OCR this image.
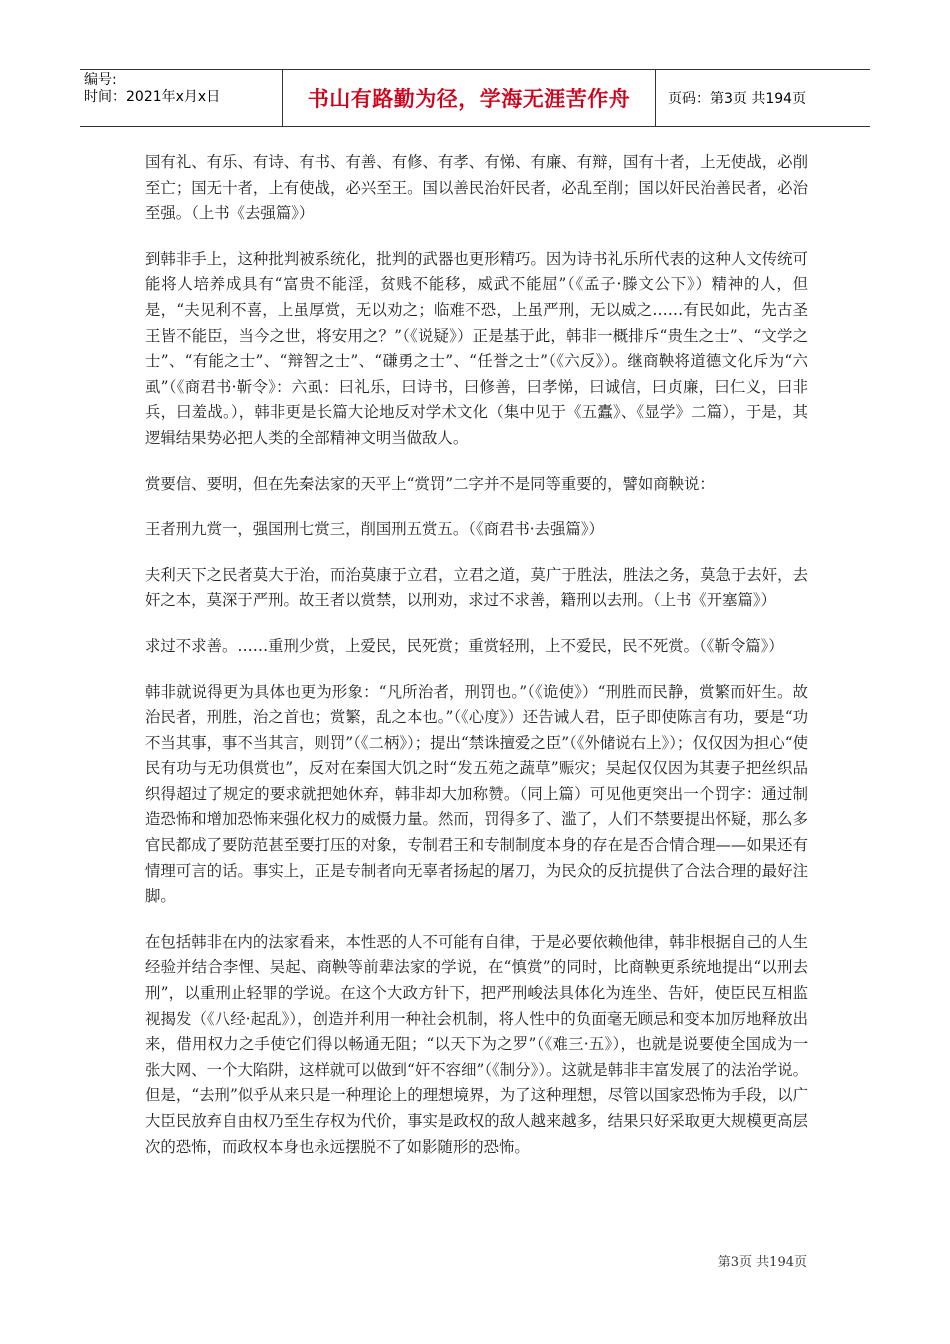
编号:
时间：2021年x月x日	书山有路勤为径，学海无涯苦作舟	页码：第3页 共194页

国有礼、有乐、有诗、有书、有善、有修、有孝、有悌、有廉、有辩，国有十者，上无使战，必削至亡；国无十者，上有使战，必兴至王。国以善民治奸民者，必乱至削；国以奸民治善民者，必治至强。（上书《去强篇》）

到韩非手上，这种批判被系统化，批判的武器也更形精巧。因为诗书礼乐所代表的这种人文传统可能将人培养成具有“富贵不能淫，贫贱不能移，威武不能屈”（《孟子·滕文公下》）精神的人，但是，“夫见利不喜，上虽厚赏，无以劝之；临难不恐，上虽严刑，无以威之……有民如此，先古圣王皆不能臣，当今之世，将安用之？”（《说疑》）正是基于此，韩非一概排斥“贵生之士”、“文学之士”、“有能之士”、“辩智之士”、“磏勇之士”、“任誉之士”（《六反》）。继商鞅将道德文化斥为“六虱”（《商君书·靳令》：六虱：曰礼乐，曰诗书，曰修善，曰孝悌，曰诚信，曰贞廉，曰仁义，曰非兵，曰羞战。），韩非更是长篇大论地反对学术文化（集中见于《五蠹》、《显学》二篇），于是，其逻辑结果势必把人类的全部精神文明当做敌人。

赏要信、要明，但在先秦法家的天平上“赏罚”二字并不是同等重要的，譬如商鞅说：

王者刑九赏一，强国刑七赏三，削国刑五赏五。（《商君书·去强篇》）

夫利天下之民者莫大于治，而治莫康于立君，立君之道，莫广于胜法，胜法之务，莫急于去奸，去奸之本，莫深于严刑。故王者以赏禁，以刑劝，求过不求善，籍刑以去刑。（上书《开塞篇》）

求过不求善。……重刑少赏，上爱民，民死赏；重赏轻刑，上不爱民，民不死赏。（《靳令篇》）

韩非就说得更为具体也更为形象：“凡所治者，刑罚也。”（《诡使》）“刑胜而民静，赏繁而奸生。故治民者，刑胜，治之首也；赏繁，乱之本也。”（《心度》）还告诫人君，臣子即使陈言有功，要是“功不当其事，事不当其言，则罚”（《二柄》）；提出“禁诛擅爱之臣”（《外储说右上》）；仅仅因为担心“使民有功与无功俱赏也”，反对在秦国大饥之时“发五苑之蔬草”赈灾；吴起仅仅因为其妻子把丝织品织得超过了规定的要求就把她休弃，韩非却大加称赞。（同上篇）可见他更突出一个罚字：通过制造恐怖和增加恐怖来强化权力的威慑力量。然而，罚得多了、滥了，人们不禁要提出怀疑，那么多官民都成了要防范甚至要打压的对象，专制君王和专制制度本身的存在是否合情合理——如果还有情理可言的话。事实上，正是专制者向无辜者扬起的屠刀，为民众的反抗提供了合法合理的最好注脚。

在包括韩非在内的法家看来，本性恶的人不可能有自律，于是必要依赖他律，韩非根据自己的人生经验并结合李悝、吴起、商鞅等前辈法家的学说，在“慎赏”的同时，比商鞅更系统地提出“以刑去刑”，以重刑止轻罪的学说。在这个大政方针下，把严刑峻法具体化为连坐、告奸，使臣民互相监视揭发（《八经·起乱》），创造并利用一种社会机制，将人性中的负面毫无顾忌和变本加厉地释放出来，借用权力之手使它们得以畅通无阻；“以天下为之罗”（《难三·五》），也就是说要使全国成为一张大网、一个大陷阱，这样就可以做到“奸不容细”（《制分》）。这就是韩非丰富发展了的法治学说。但是，“去刑”似乎从来只是一种理论上的理想境界，为了这种理想，尽管以国家恐怖为手段，以广大臣民放弃自由权乃至生存权为代价，事实是政权的敌人越来越多，结果只好采取更大规模更高层次的恐怖，而政权本身也永远摆脱不了如影随形的恐怖。

第3页 共194页
